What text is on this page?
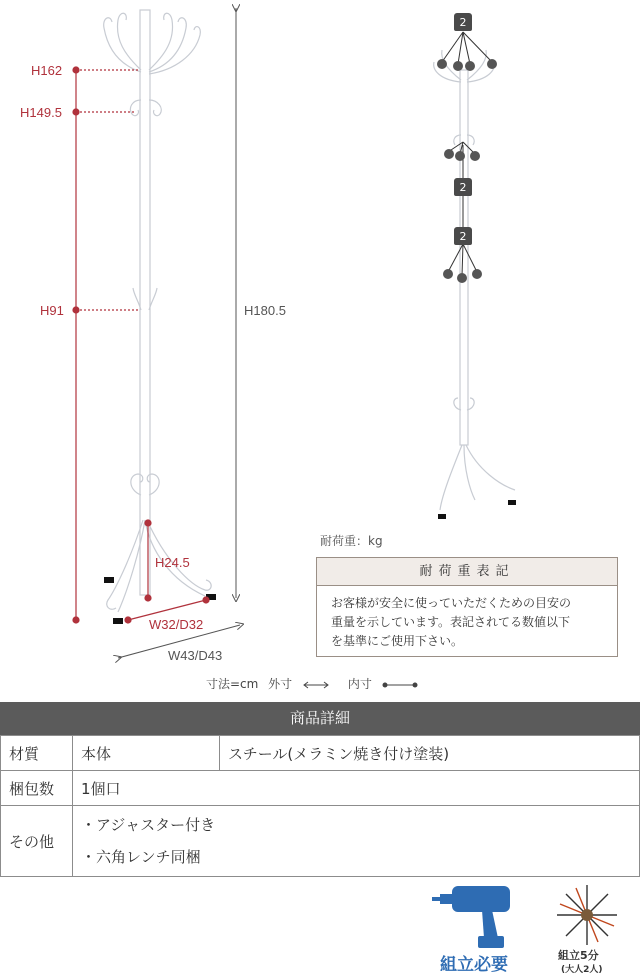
H162
H149.5
H91	H180.5
H24.5
W32/D32
W43/D43
2
2
2
耐荷重：kg
耐荷重表記
お客様が安全に使っていただくための目安の
重量を示しています。表記されてる数値以下
を基準にご使用下さい。
寸法=cm 外寸	内寸
商品詳細
材質	本体	スチール(メラミン焼き付け塗装)
梱包数	1個口	
その他	・アジャスター付き
・六角レンチ同梱	
組立必要	組立5分
(大人2人)
